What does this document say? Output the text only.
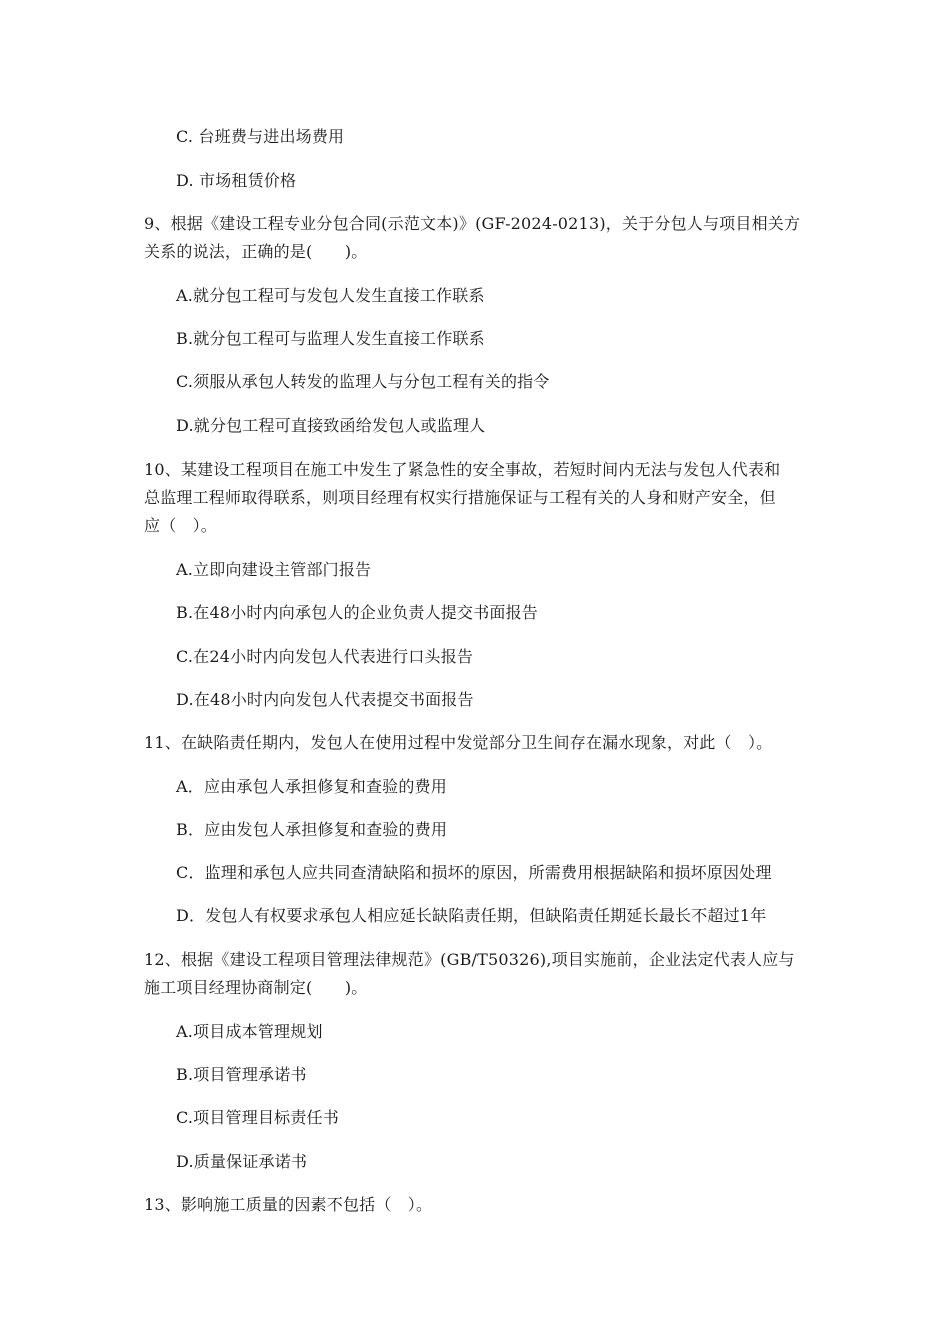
C. 台班费与进出场费用
D. 市场租赁价格
9、根据《建设工程专业分包合同(示范文本)》(GF-2024-0213)，关于分包人与项目相关方
关系的说法，正确的是(　　)。
A.就分包工程可与发包人发生直接工作联系
B.就分包工程可与监理人发生直接工作联系
C.须服从承包人转发的监理人与分包工程有关的指令
D.就分包工程可直接致函给发包人或监理人
10、某建设工程项目在施工中发生了紧急性的安全事故，若短时间内无法与发包人代表和
总监理工程师取得联系，则项目经理有权实行措施保证与工程有关的人身和财产安全，但
应（　）。
A.立即向建设主管部门报告
B.在48小时内向承包人的企业负责人提交书面报告
C.在24小时内向发包人代表进行口头报告
D.在48小时内向发包人代表提交书面报告
11、在缺陷责任期内，发包人在使用过程中发觉部分卫生间存在漏水现象，对此（　）。
A．应由承包人承担修复和查验的费用
B．应由发包人承担修复和查验的费用
C．监理和承包人应共同查清缺陷和损坏的原因，所需费用根据缺陷和损坏原因处理
D．发包人有权要求承包人相应延长缺陷责任期，但缺陷责任期延长最长不超过1年
12、根据《建设工程项目管理法律规范》(GB/T50326),项目实施前，企业法定代表人应与
施工项目经理协商制定(　　)。
A.项目成本管理规划
B.项目管理承诺书
C.项目管理目标责任书
D.质量保证承诺书
13、影响施工质量的因素不包括（　）。
